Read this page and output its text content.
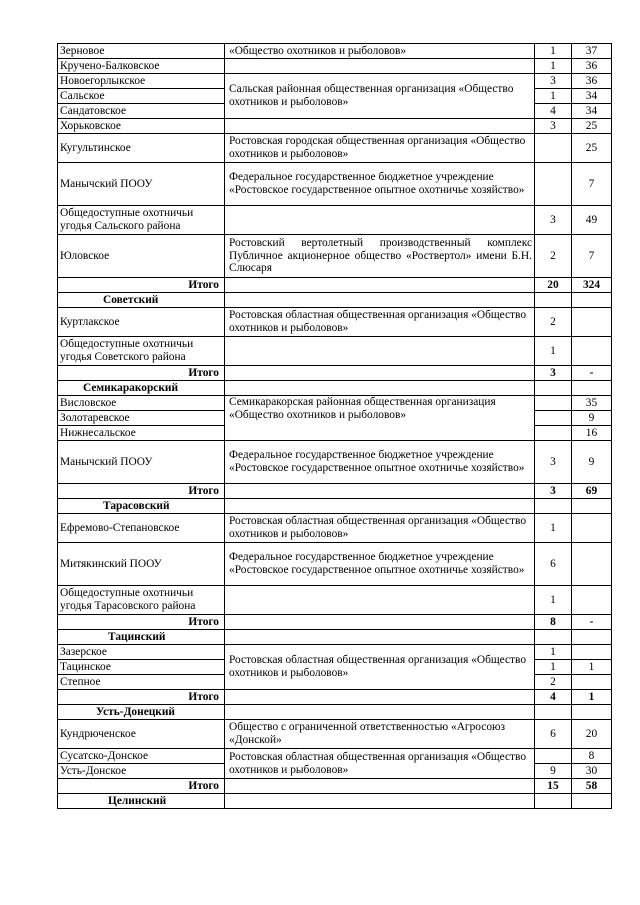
Зерновое	«Общество охотников и рыболовов»	1	37
Кручено-Балковское		1	36
Новоегорлыкское	Сальская районная общественная организация «Общество охотников и рыболовов»	3	36
Сальское		1	34
Сандатовское		4	34
Хорьковское		3	25
Кугультинское	Ростовская городская общественная организация «Общество охотников и рыболовов»		25
Манычский ПООУ	Федеральное государственное бюджетное учреждение «Ростовское государственное опытное охотничье хозяйство»		7
Общедоступные охотничьи угодья Сальского района		3	49
Юловское	Ростовский вертолетный производственный комплекс Публичное акционерное общество «Роствертол» имени Б.Н. Слюсаря	2	7
Итого		20	324
Советский			
Куртлакское	Ростовская областная общественная организация «Общество охотников и рыболовов»	2	
Общедоступные охотничьи угодья Советского района		1	
Итого		3	-
Семикаракорский			
Висловское	Семикаракорская районная общественная организация «Общество охотников и рыболовов»		35
Золотаревское			9
Нижнесальское			16
Манычский ПООУ	Федеральное государственное бюджетное учреждение «Ростовское государственное опытное охотничье хозяйство»	3	9
Итого		3	69
Тарасовский			
Ефремово-Степановское	Ростовская областная общественная организация «Общество охотников и рыболовов»	1	
Митякинский ПООУ	Федеральное государственное бюджетное учреждение «Ростовское государственное опытное охотничье хозяйство»	6	
Общедоступные охотничьи угодья Тарасовского района		1	
Итого		8	-
Тацинский			
Зазерское	Ростовская областная общественная организация «Общество охотников и рыболовов»	1	
Тацинское		1	1
Степное		2	
Итого		4	1
Усть-Донецкий			
Кундрюченское	Общество с ограниченной ответственностью «Агросоюз «Донской»	6	20
Сусатско-Донское	Ростовская областная общественная организация «Общество охотников и рыболовов»		8
Усть-Донское		9	30
Итого		15	58
Целинский			
